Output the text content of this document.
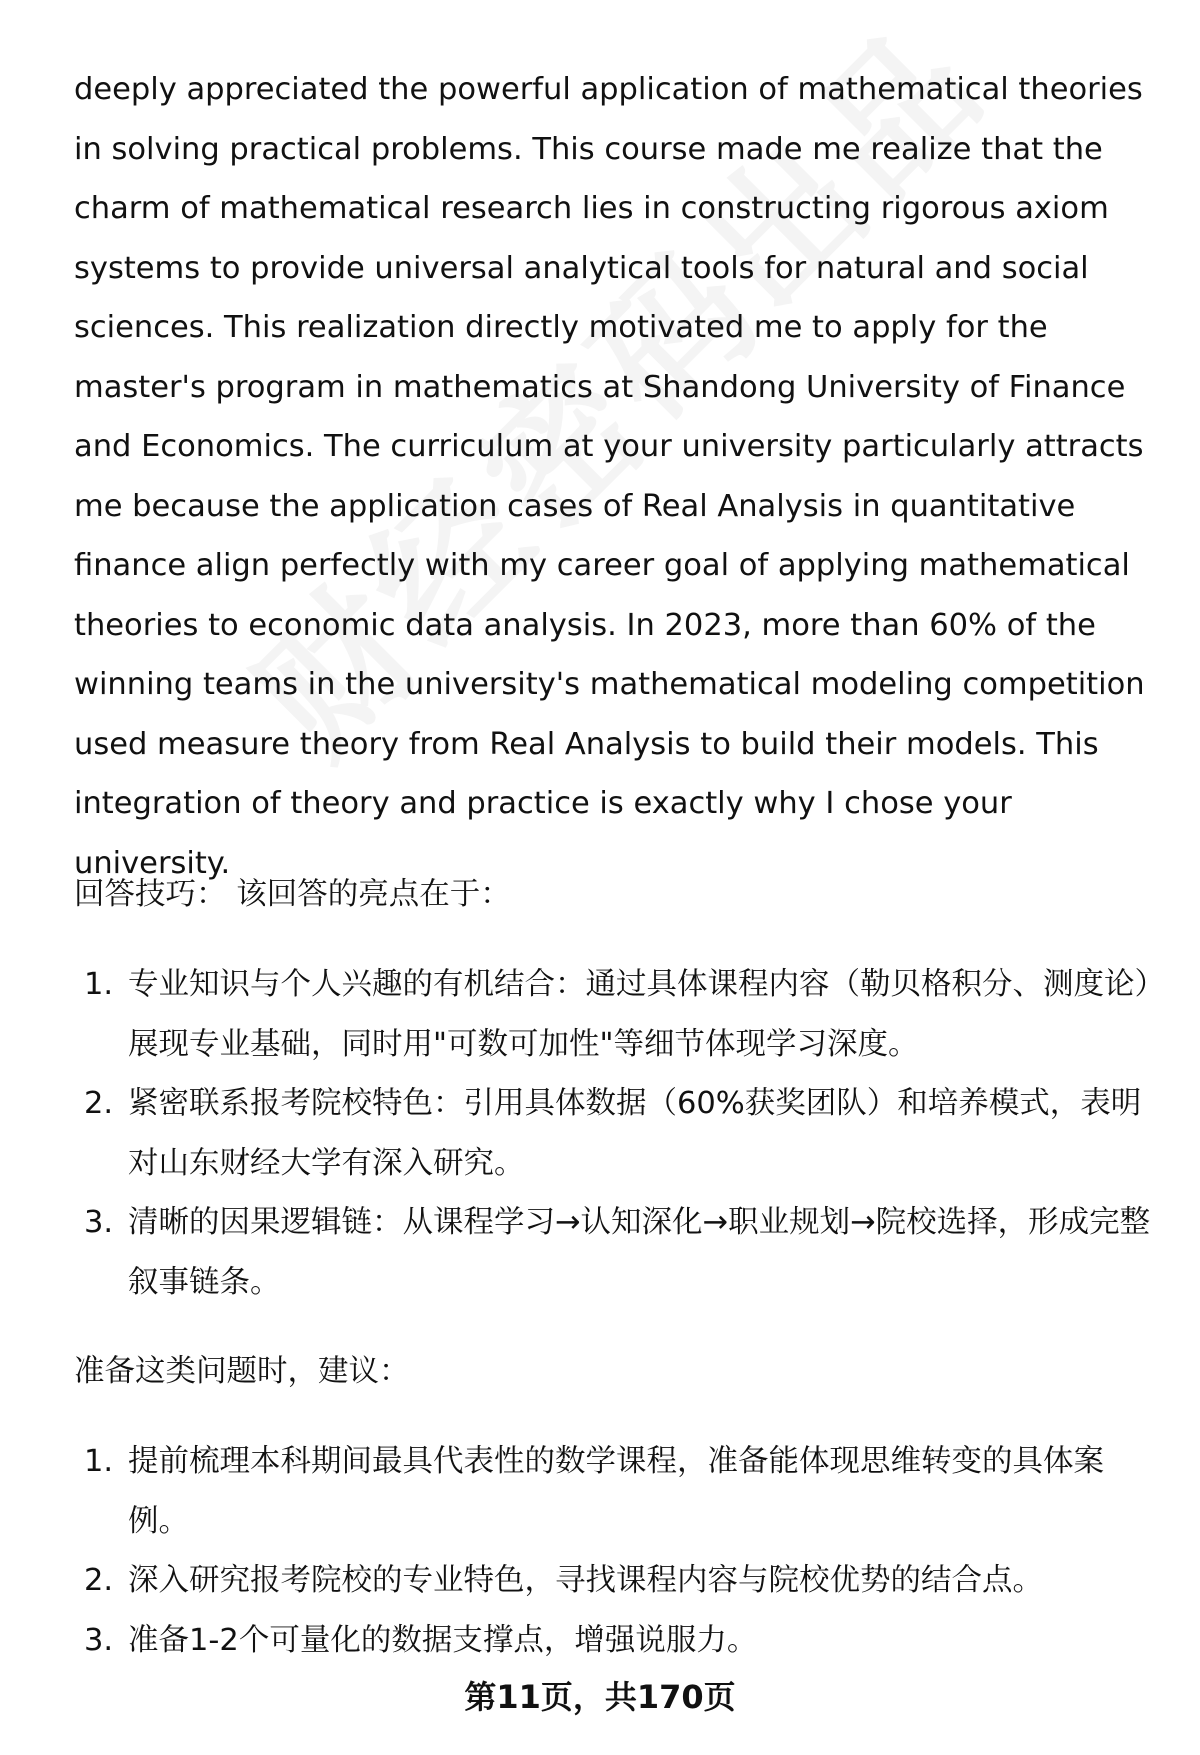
deeply appreciated the powerful application of mathematical theories in solving practical problems. This course made me realize that the charm of mathematical research lies in constructing rigorous axiom systems to provide universal analytical tools for natural and social sciences. This realization directly motivated me to apply for the master's program in mathematics at Shandong University of Finance and Economics. The curriculum at your university particularly attracts me because the application cases of Real Analysis in quantitative finance align perfectly with my career goal of applying mathematical theories to economic data analysis. In 2023, more than 60% of the winning teams in the university's mathematical modeling competition used measure theory from Real Analysis to build their models. This integration of theory and practice is exactly why I chose your university.

回答技巧： 该回答的亮点在于：
1. 专业知识与个人兴趣的有机结合：通过具体课程内容（勒贝格积分、测度论）展现专业基础，同时用"可数可加性"等细节体现学习深度。
2. 紧密联系报考院校特色：引用具体数据（60%获奖团队）和培养模式，表明对山东财经大学有深入研究。
3. 清晰的因果逻辑链：从课程学习→认知深化→职业规划→院校选择，形成完整叙事链条。
准备这类问题时，建议：
1. 提前梳理本科期间最具代表性的数学课程，准备能体现思维转变的具体案例。
2. 深入研究报考院校的专业特色，寻找课程内容与院校优势的结合点。
3. 准备1-2个可量化的数据支撑点，增强说服力。
第11页，共170页
